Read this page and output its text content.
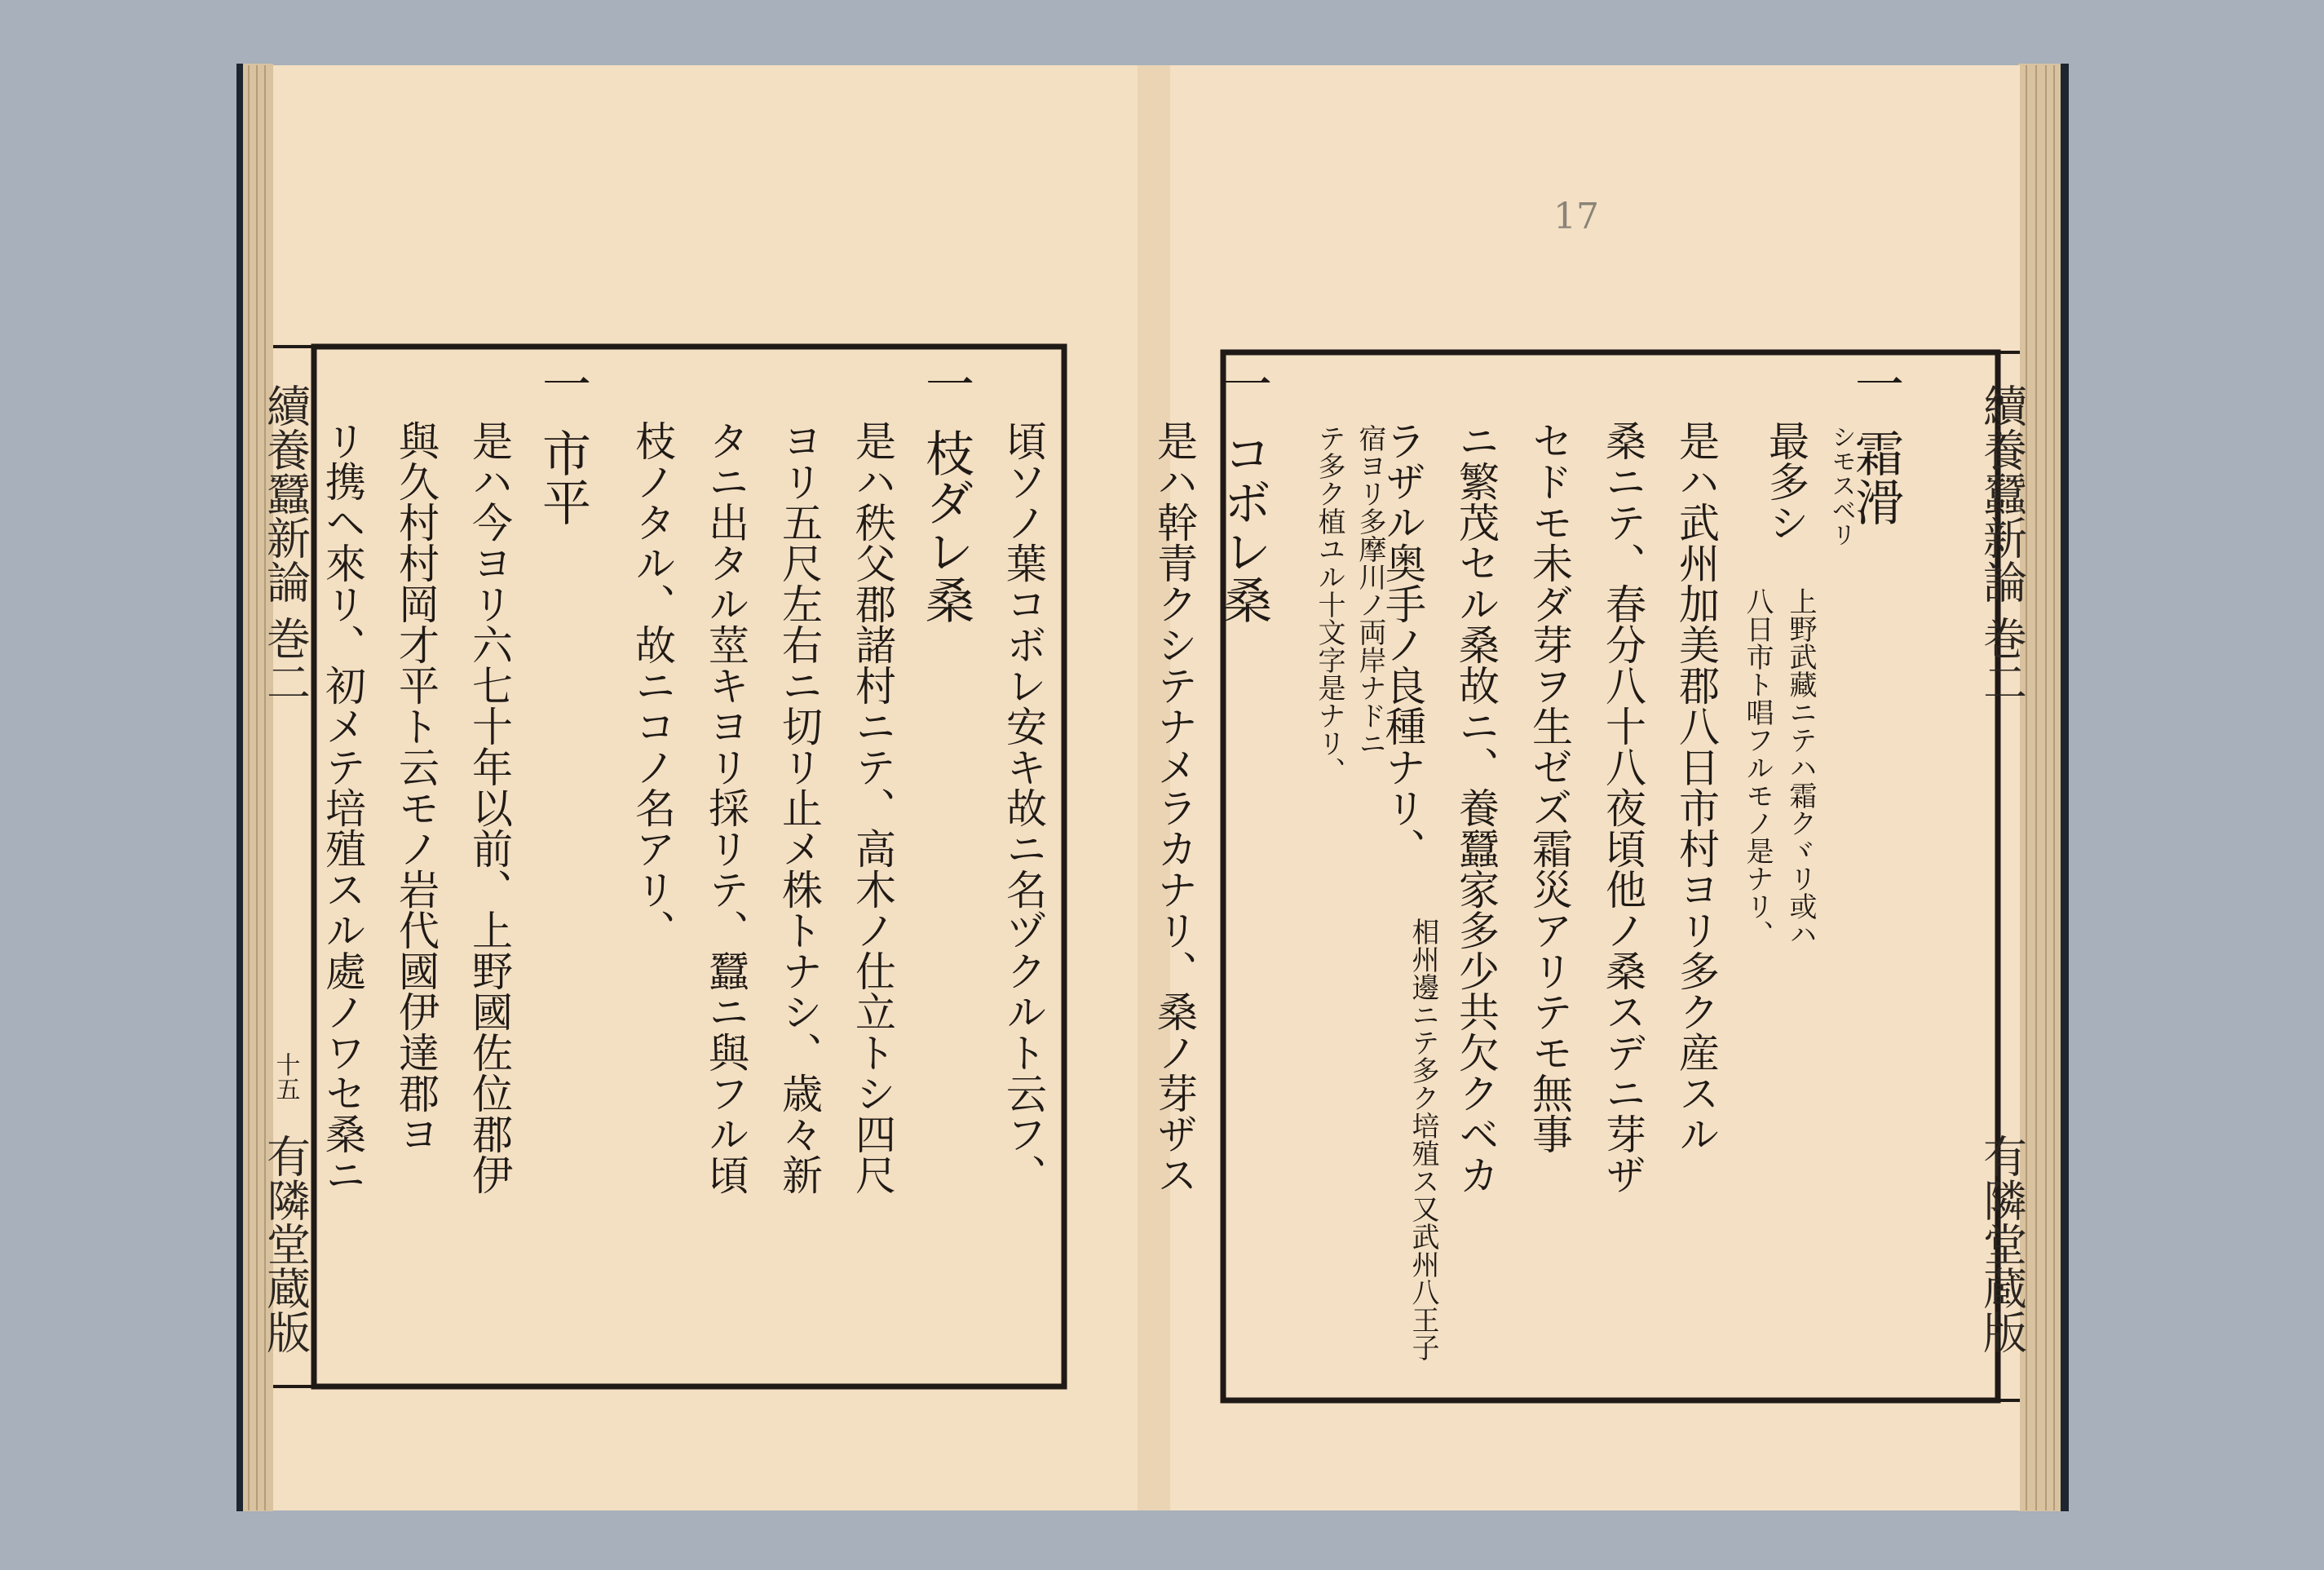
續養蠶新論
巻二
十五
有隣堂蔵版
續養蠶新論
巻二
有隣堂蔵版
17
頃ソノ葉コボレ安キ故ニ名ヅクルト云フ、
一
枝ダレ桑
是ハ秩父郡諸村ニテ、高木ノ仕立トシ四尺
ヨリ五尺左右ニ切リ止メ株トナシ、歳々新
タニ出タル莖キヨリ採リテ、蠶ニ與フル頃
枝ノタル、故ニコノ名アリ、
一
市平
是ハ今ヨリ六七十年以前、上野國佐位郡伊
與久村村岡才平ト云モノ岩代國伊達郡ヨ
リ携ヘ來リ、初メテ培殖スル處ノワセ桑ニ
一
霜滑
シモスベリ
最多シ
上野武藏ニテハ霜クヾリ或ハ
八日市ト唱フルモノ是ナリ、
是ハ武州加美郡八日市村ヨリ多ク産スル
桑ニテ、春分八十八夜頃他ノ桑スデニ芽ザ
セドモ未ダ芽ヲ生ゼズ霜災アリテモ無事
ニ繁茂セル桑故ニ、養蠶家多少共欠クベカ
ラザル奥手ノ良種ナリ、
相州邊ニテ多ク培殖ス又武州八王子
宿ヨリ多摩川ノ両岸ナドニ
テ多ク植ユル十文字是ナリ、
一
コボレ桑
是ハ幹青クシテナメラカナリ、桑ノ芽ザス
